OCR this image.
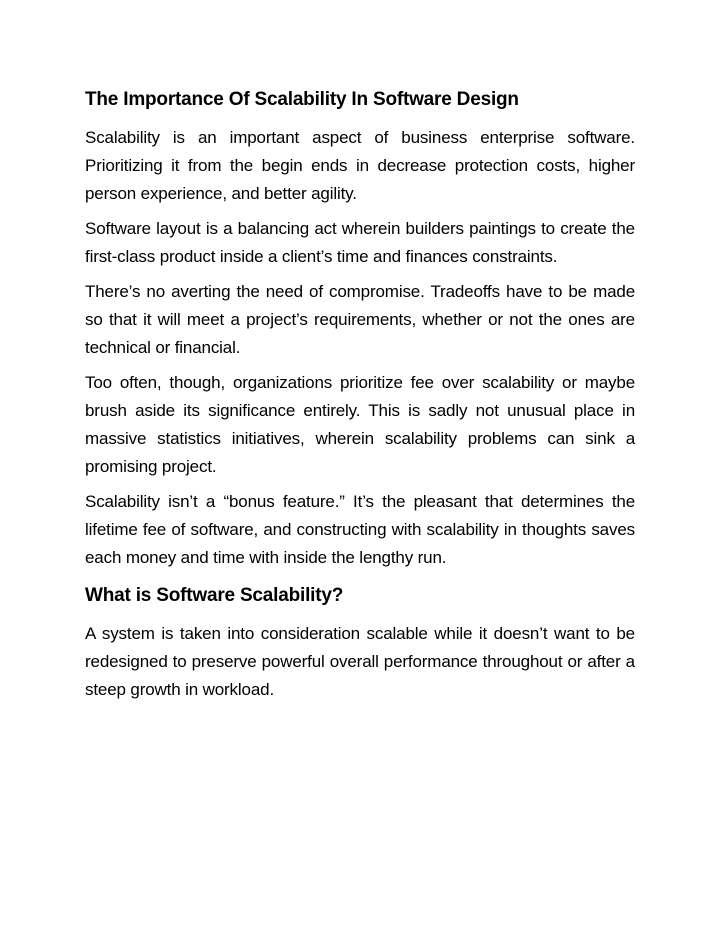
The Importance Of Scalability In Software Design

Scalability is an important aspect of business enterprise software. Prioritizing it from the begin ends in decrease protection costs, higher person experience, and better agility.

Software layout is a balancing act wherein builders paintings to create the first-class product inside a client’s time and finances constraints.

There’s no averting the need of compromise. Tradeoffs have to be made so that it will meet a project’s requirements, whether or not the ones are technical or financial.

Too often, though, organizations prioritize fee over scalability or maybe brush aside its significance entirely. This is sadly not unusual place in massive statistics initiatives, wherein scalability problems can sink a promising project.

Scalability isn’t a “bonus feature.” It’s the pleasant that determines the lifetime fee of software, and constructing with scalability in thoughts saves each money and time with inside the lengthy run.

What is Software Scalability?

A system is taken into consideration scalable while it doesn’t want to be redesigned to preserve powerful overall performance throughout or after a steep growth in workload.
